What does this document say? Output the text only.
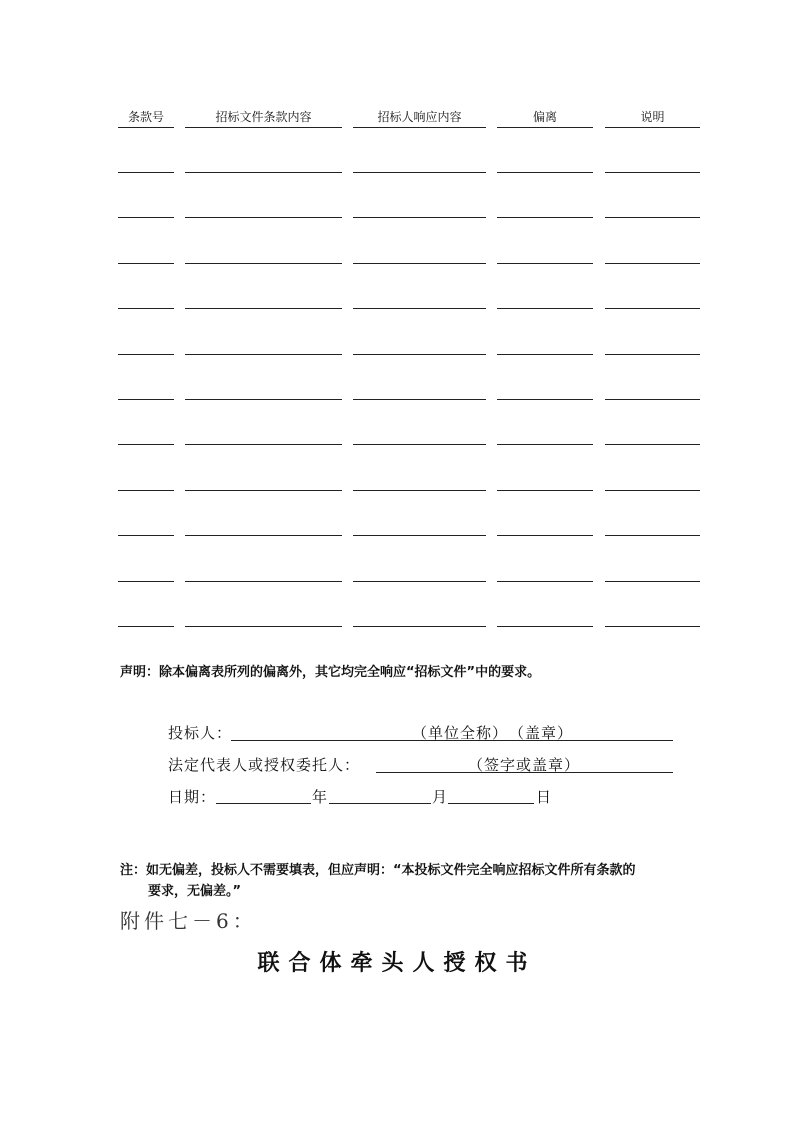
条款号	招标文件条款内容	招标人响应内容	偏离	说明
声明：除本偏离表所列的偏离外，其它均完全响应“招标文件”中的要求。
投标人：	（单位全称）　（盖章）
法定代表人或授权委托人：	（签字或盖章）
日期：	年	月	日
注：如无偏差，投标人不需要填表，但应声明：“本投标文件完全响应招标文件所有条款的
要求，无偏差。”
附件七－6：
联合体牵头人授权书
